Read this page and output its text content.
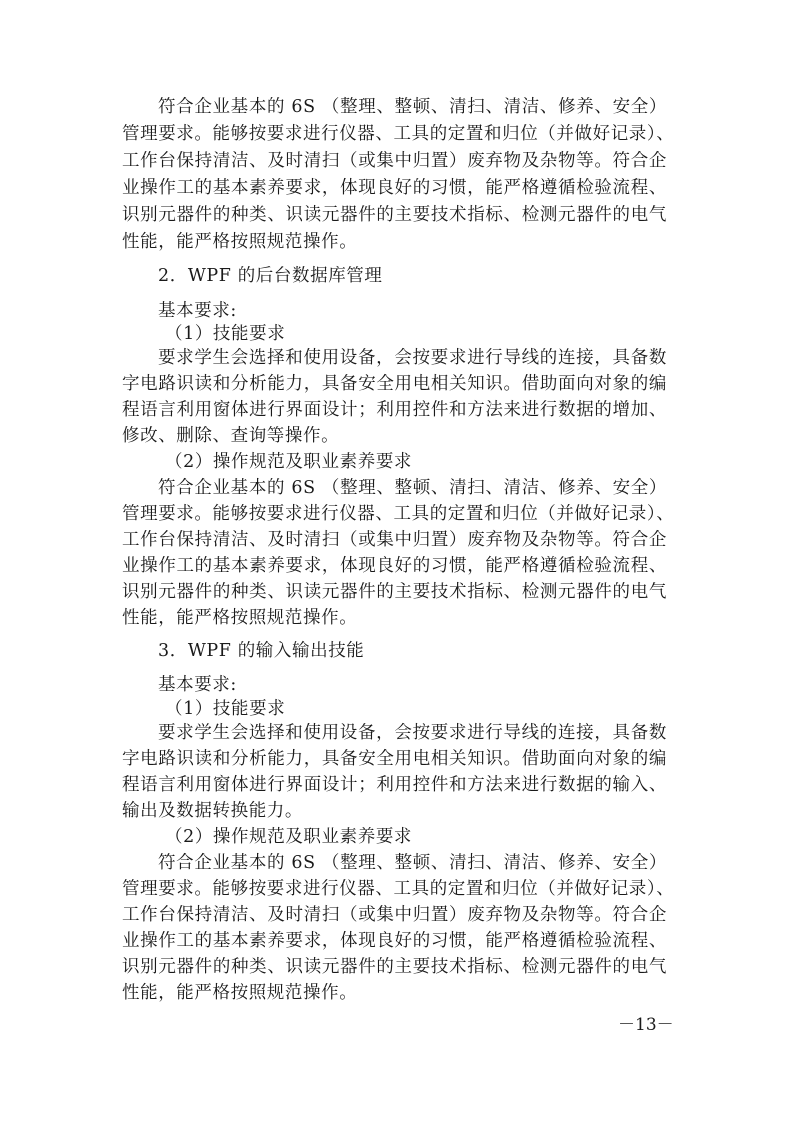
符合企业基本的 6S （整理、整顿、清扫、清洁、修养、安全）
管理要求。能够按要求进行仪器、工具的定置和归位（并做好记录）、
工作台保持清洁、及时清扫（或集中归置）废弃物及杂物等。符合企
业操作工的基本素养要求，体现良好的习惯，能严格遵循检验流程、
识别元器件的种类、识读元器件的主要技术指标、检测元器件的电气
性能，能严格按照规范操作。
2．WPF 的后台数据库管理
基本要求:
（1）技能要求
要求学生会选择和使用设备，会按要求进行导线的连接，具备数
字电路识读和分析能力，具备安全用电相关知识。借助面向对象的编
程语言利用窗体进行界面设计；利用控件和方法来进行数据的增加、
修改、删除、查询等操作。
（2）操作规范及职业素养要求
符合企业基本的 6S （整理、整顿、清扫、清洁、修养、安全）
管理要求。能够按要求进行仪器、工具的定置和归位（并做好记录）、
工作台保持清洁、及时清扫（或集中归置）废弃物及杂物等。符合企
业操作工的基本素养要求，体现良好的习惯，能严格遵循检验流程、
识别元器件的种类、识读元器件的主要技术指标、检测元器件的电气
性能，能严格按照规范操作。
3．WPF 的输入输出技能
基本要求:
（1）技能要求
要求学生会选择和使用设备，会按要求进行导线的连接，具备数
字电路识读和分析能力，具备安全用电相关知识。借助面向对象的编
程语言利用窗体进行界面设计；利用控件和方法来进行数据的输入、
输出及数据转换能力。
（2）操作规范及职业素养要求
符合企业基本的 6S （整理、整顿、清扫、清洁、修养、安全）
管理要求。能够按要求进行仪器、工具的定置和归位（并做好记录）、
工作台保持清洁、及时清扫（或集中归置）废弃物及杂物等。符合企
业操作工的基本素养要求，体现良好的习惯，能严格遵循检验流程、
识别元器件的种类、识读元器件的主要技术指标、检测元器件的电气
性能，能严格按照规范操作。
－13－
